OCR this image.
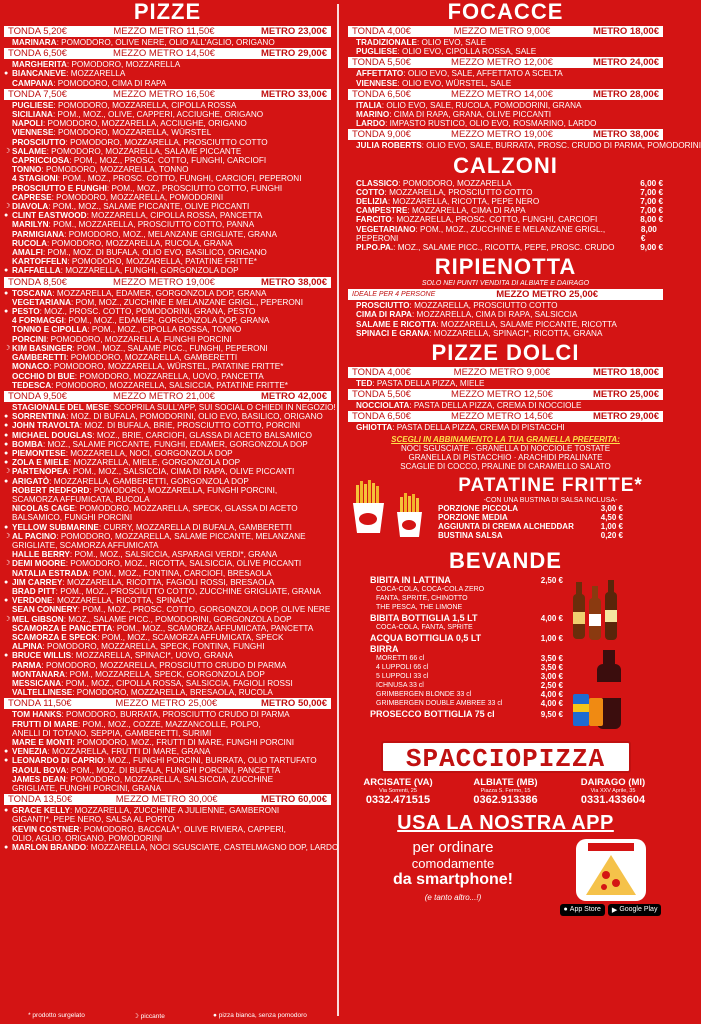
PIZZE
TONDA 5,20€	MEZZO METRO 11,50€	METRO 23,00€
MARINARA: POMODORO, OLIVE NERE, OLIO ALL'AGLIO, ORIGANO
TONDA 6,50€	MEZZO METRO 14,50€	METRO 29,00€
MARGHERITA: POMODORO, MOZZARELLA
● BIANCANEVE: MOZZARELLA
CAMPANA: POMODORO, CIMA DI RAPA
TONDA 7,50€	MEZZO METRO 16,50€	METRO 33,00€
PUGLIESE: POMODORO, MOZZARELLA, CIPOLLA ROSSA
SICILIANA: POM., MOZ., OLIVE, CAPPERI, ACCIUGHE, ORIGANO
NAPOLI: POMODORO, MOZZARELLA, ACCIUGHE, ORIGANO
VIENNESE: POMODORO, MOZZARELLA, WÜRSTEL
PROSCIUTTO: POMODORO, MOZZARELLA, PROSCIUTTO COTTO
☽ SALAME: POMODORO, MOZZARELLA, SALAME PICCANTE
CAPRICCIOSA: POM., MOZ., PROSC. COTTO, FUNGHI, CARCIOFI
TONNO: POMODORO, MOZZARELLA, TONNO
4 STAGIONI: POM., MOZ., PROSC. COTTO, FUNGHI, CARCIOFI, PEPERONI
PROSCIUTTO E FUNGHI: POM., MOZ., PROSCIUTTO COTTO, FUNGHI
CAPRESE: POMODORO, MOZZARELLA, POMODORINI
☽ DIAVOLA: POM., MOZ., SALAME PICCANTE, OLIVE PICCANTI
● CLINT EASTWOOD: MOZZARELLA, CIPOLLA ROSSA, PANCETTA
MARILYN: POM., MOZZARELLA, PROSCIUTTO COTTO, PANNA
PARMIGIANA: POMODORO, MOZ., MELANZANE GRIGLIATE, GRANA
RUCOLA: POMODORO, MOZZARELLA, RUCOLA, GRANA
AMALFI: POM., MOZ. DI BUFALA, OLIO EVO, BASILICO, ORIGANO
KARTOFFELN: POMODORO, MOZZARELLA, PATATINE FRITTE*
● RAFFAELLA: MOZZARELLA, FUNGHI, GORGONZOLA DOP
TONDA 8,50€	MEZZO METRO 19,00€	METRO 38,00€
● TOSCANA: MOZZARELLA, EDAMER, GORGONZOLA DOP, GRANA
VEGETARIANA: POM, MOZ., ZUCCHINE E MELANZANE GRIGL., PEPERONI
● PESTO: MOZ., PROSC. COTTO, POMODORINI, GRANA, PESTO
4 FORMAGGI: POM., MOZ., EDAMER, GORGONZOLA DOP, GRANA
TONNO E CIPOLLA: POM., MOZ., CIPOLLA ROSSA, TONNO
PORCINI: POMODORO, MOZZARELLA, FUNGHI PORCINI
☽ KIM BASINGER: POM., MOZ., SALAME PICC., FUNGHI, PEPERONI
GAMBERETTI: POMODORO, MOZZARELLA, GAMBERETTI
MONACO: POMODORO, MOZZARELLA, WÜRSTEL, PATATINE FRITTE*
OCCHIO DI BUE: POMODORO, MOZZARELLA, UOVO, PANCETTA
TEDESCA: POMODORO, MOZZARELLA, SALSICCIA, PATATINE FRITTE*
TONDA 9,50€	MEZZO METRO 21,00€	METRO 42,00€
STAGIONALE DEL MESE: SCOPRILA SULL'APP, SUI SOCIAL O CHIEDI IN NEGOZIO!
● SORRENTINA: MOZ. DI BUFALA, POMODORINI, OLIO EVO, BASILICO, ORIGANO
● JOHN TRAVOLTA: MOZ. DI BUFALA, BRIE, PROSCIUTTO COTTO, PORCINI
● MICHAEL DOUGLAS: MOZ., BRIE, CARCIOFI, GLASSA DI ACETO BALSAMICO
● BOMBA: MOZ., SALAME PICCANTE, FUNGHI, EDAMER, GORGONZOLA DOP
● PIEMONTESE: MOZZARELLA, NOCI, GORGONZOLA DOP
● ZOLA E MIELE: MOZZARELLA, MIELE, GORGONZOLA DOP
☽ PARTENOPEA: POM., MOZ., SALSICCIA, CIMA DI RAPA, OLIVE PICCANTI
● ARIGATÒ: MOZZARELLA, GAMBERETTI, GORGONZOLA DOP
ROBERT REDFORD: POMODORO, MOZZARELLA, FUNGHI PORCINI,
SCAMORZA AFFUMICATA, RUCOLA
NICOLAS CAGE: POMODORO, MOZZARELLA, SPECK, GLASSA DI ACETO
BALSAMICO, FUNGHI PORCINI
● YELLOW SUBMARINE: CURRY, MOZZARELLA DI BUFALA, GAMBERETTI
☽ AL PACINO: POMODORO, MOZZARELLA, SALAME PICCANTE, MELANZANE
GRIGLIATE, SCAMORZA AFFUMICATA
HALLE BERRY: POM., MOZ., SALSICCIA, ASPARAGI VERDI*, GRANA
☽ DEMI MOORE: POMODORO, MOZ., RICOTTA, SALSICCIA, OLIVE PICCANTI
NATALIA ESTRADA: POM., MOZ., FONTINA, CARCIOFI, BRESAOLA
● JIM CARREY: MOZZARELLA, RICOTTA, FAGIOLI ROSSI, BRESAOLA
BRAD PITT: POM., MOZ., PROSCIUTTO COTTO, ZUCCHINE GRIGLIATE, GRANA
● VERDONE: MOZZARELLA, RICOTTA, SPINACI*
SEAN CONNERY: POM., MOZ., PROSC. COTTO, GORGONZOLA DOP, OLIVE NERE
☽ MEL GIBSON: MOZ., SALAME PICC., POMODORINI, GORGONZOLA DOP
SCAMORZA E PANCETTA: POM., MOZ., SCAMORZA AFFUMICATA, PANCETTA
SCAMORZA E SPECK: POM., MOZ., SCAMORZA AFFUMICATA, SPECK
ALPINA: POMODORO, MOZZARELLA, SPECK, FONTINA, FUNGHI
● BRUCE WILLIS: MOZZARELLA, SPINACI*, UOVO, GRANA
PARMA: POMODORO, MOZZARELLA, PROSCIUTTO CRUDO DI PARMA
MONTANARA: POM., MOZZARELLA, SPECK, GORGONZOLA DOP
MESSICANA: POM., MOZ., CIPOLLA ROSSA, SALSICCIA, FAGIOLI ROSSI
VALTELLINESE: POMODORO, MOZZARELLA, BRESAOLA, RUCOLA
TONDA 11,50€	MEZZO METRO 25,00€	METRO 50,00€
TOM HANKS: POMODORO, BURRATA, PROSCIUTTO CRUDO DI PARMA
FRUTTI DI MARE: POM., MOZ., COZZE, MAZZANCOLLE, POLPO,
ANELLI DI TOTANO, SEPPIA, GAMBERETTI, SURIMI
MARE E MONTI: POMODORO, MOZ., FRUTTI DI MARE, FUNGHI PORCINI
● VENEZIA: MOZZARELLA, FRUTTI DI MARE, GRANA
● LEONARDO DI CAPRIO: MOZ., FUNGHI PORCINI, BURRATA, OLIO TARTUFATO
RAOUL BOVA: POM., MOZ. DI BUFALA, FUNGHI PORCINI, PANCETTA
JAMES DEAN: POMODORO, MOZZARELLA, SALSICCIA, ZUCCHINE
GRIGLIATE, FUNGHI PORCINI, GRANA
TONDA 13,50€	MEZZO METRO 30,00€	METRO 60,00€
● GRACE KELLY: MOZZARELLA, ZUCCHINE A JULIENNE, GAMBERONI
GIGANTI*, PEPE NERO, SALSA AL PORTO
KEVIN COSTNER: POMODORO, BACCALÀ*, OLIVE RIVIERA, CAPPERI,
OLIO, AGLIO, ORIGANO, POMODORINI
● MARLON BRANDO: MOZZARELLA, NOCI SGUSCIATE, CASTELMAGNO DOP, LARDO
* prodotto surgelato	☽ piccante	● pizza bianca, senza pomodoro
FOCACCE
TONDA 4,00€	MEZZO METRO 9,00€	METRO 18,00€
TRADIZIONALE: OLIO EVO, SALE
PUGLIESE: OLIO EVO, CIPOLLA ROSSA, SALE
TONDA 5,50€	MEZZO METRO 12,00€	METRO 24,00€
AFFETTATO: OLIO EVO, SALE, AFFETTATO A SCELTA
VIENNESE: OLIO EVO, WÜRSTEL, SALE
TONDA 6,50€	MEZZO METRO 14,00€	METRO 28,00€
ITALIA: OLIO EVO, SALE, RUCOLA, POMODORINI, GRANA
MARINO: CIMA DI RAPA, GRANA, OLIVE PICCANTI
LARDO: IMPASTO RUSTICO, OLIO EVO, ROSMARINO, LARDO
TONDA 9,00€	MEZZO METRO 19,00€	METRO 38,00€
JULIA ROBERTS: OLIO EVO, SALE, BURRATA, PROSC. CRUDO DI PARMA, POMODORINI
CALZONI
CLASSICO: POMODORO, MOZZARELLA	6,00 €
COTTO: MOZZARELLA, PROSCIUTTO COTTO	7,00 €
DELIZIA: MOZZARELLA, RICOTTA, PEPE NERO	7,00 €
CAMPESTRE: MOZZARELLA, CIMA DI RAPA	7,00 €
FARCITO: MOZZARELLA, PROSC. COTTO, FUNGHI, CARCIOFI	8,00 €
VEGETARIANO: POM., MOZ., ZUCCHINE E MELANZANE GRIGL., PEPERONI
8,00 €
PI.PO.PA.: MOZ., SALAME PICC., RICOTTA, PEPE, PROSC. CRUDO	9,00 €
RIPIENOTTA
SOLO NEI PUNTI VENDITA DI ALBIATE E DAIRAGO
IDEALE PER 4 PERSONE	MEZZO METRO 25,00€
PROSCIUTTO: MOZZARELLA, PROSCIUTTO COTTO
CIMA DI RAPA: MOZZARELLA, CIMA DI RAPA, SALSICCIA
SALAME E RICOTTA: MOZZARELLA, SALAME PICCANTE, RICOTTA
SPINACI E GRANA: MOZZARELLA, SPINACI*, RICOTTA, GRANA
PIZZE DOLCI
TONDA 4,00€	MEZZO METRO 9,00€	METRO 18,00€
TED: PASTA DELLA PIZZA, MIELE
TONDA 5,50€	MEZZO METRO 12,50€	METRO 25,00€
NOCCIOLATA: PASTA DELLA PIZZA, CREMA DI NOCCIOLE
TONDA 6,50€	MEZZO METRO 14,50€	METRO 29,00€
GHIOTTA: PASTA DELLA PIZZA, CREMA DI PISTACCHI
SCEGLI IN ABBINAMENTO LA TUA GRANELLA PREFERITA:
NOCI SGUSCIATE · GRANELLA DI NOCCIOLE TOSTATE
GRANELLA DI PISTACCHIO · ARACHIDI PRALINATE
SCAGLIE DI COCCO, PRALINE DI CARAMELLO SALATO
PATATINE FRITTE*
-CON UNA BUSTINA DI SALSA INCLUSA-
PORZIONE PICCOLA	3,00 €
PORZIONE MEDIA	4,50 €
AGGIUNTA DI CREMA ALCHEDDAR	1,00 €
BUSTINA SALSA	0,20 €
BEVANDE
BIBITA IN LATTINA	2,50 €
COCA-COLA, COCA-COLA ZERO
FANTA, SPRITE, CHINOTTO
THE PESCA, THE LIMONE
BIBITA BOTTIGLIA 1,5 LT	4,00 €
COCA-COLA, FANTA, SPRITE
ACQUA BOTTIGLIA 0,5 LT	1,00 €
BIRRA
MORETTI 66 cl	3,50 €
4 LUPPOLI 66 cl	3,50 €
5 LUPPOLI 33 cl	3,00 €
ICHNUSA 33 cl	2,50 €
GRIMBERGEN BLONDE 33 cl	4,00 €
GRIMBERGEN DOUBLE AMBREE 33 cl	4,00 €
PROSECCO BOTTIGLIA 75 cl	9,50 €
SPACCIOPIZZA
ARCISATE (VA)
Via Sorrenti, 25
0332.471515
ALBIATE (MB)
Piazza S. Fermo, 15
0362.913386
DAIRAGO (MI)
Via XXV Aprile, 35
0331.433604
USA LA NOSTRA APP
per ordinare
comodamente
da smartphone!
(e tanto altro...!)
● App Store ▶ Google Play
